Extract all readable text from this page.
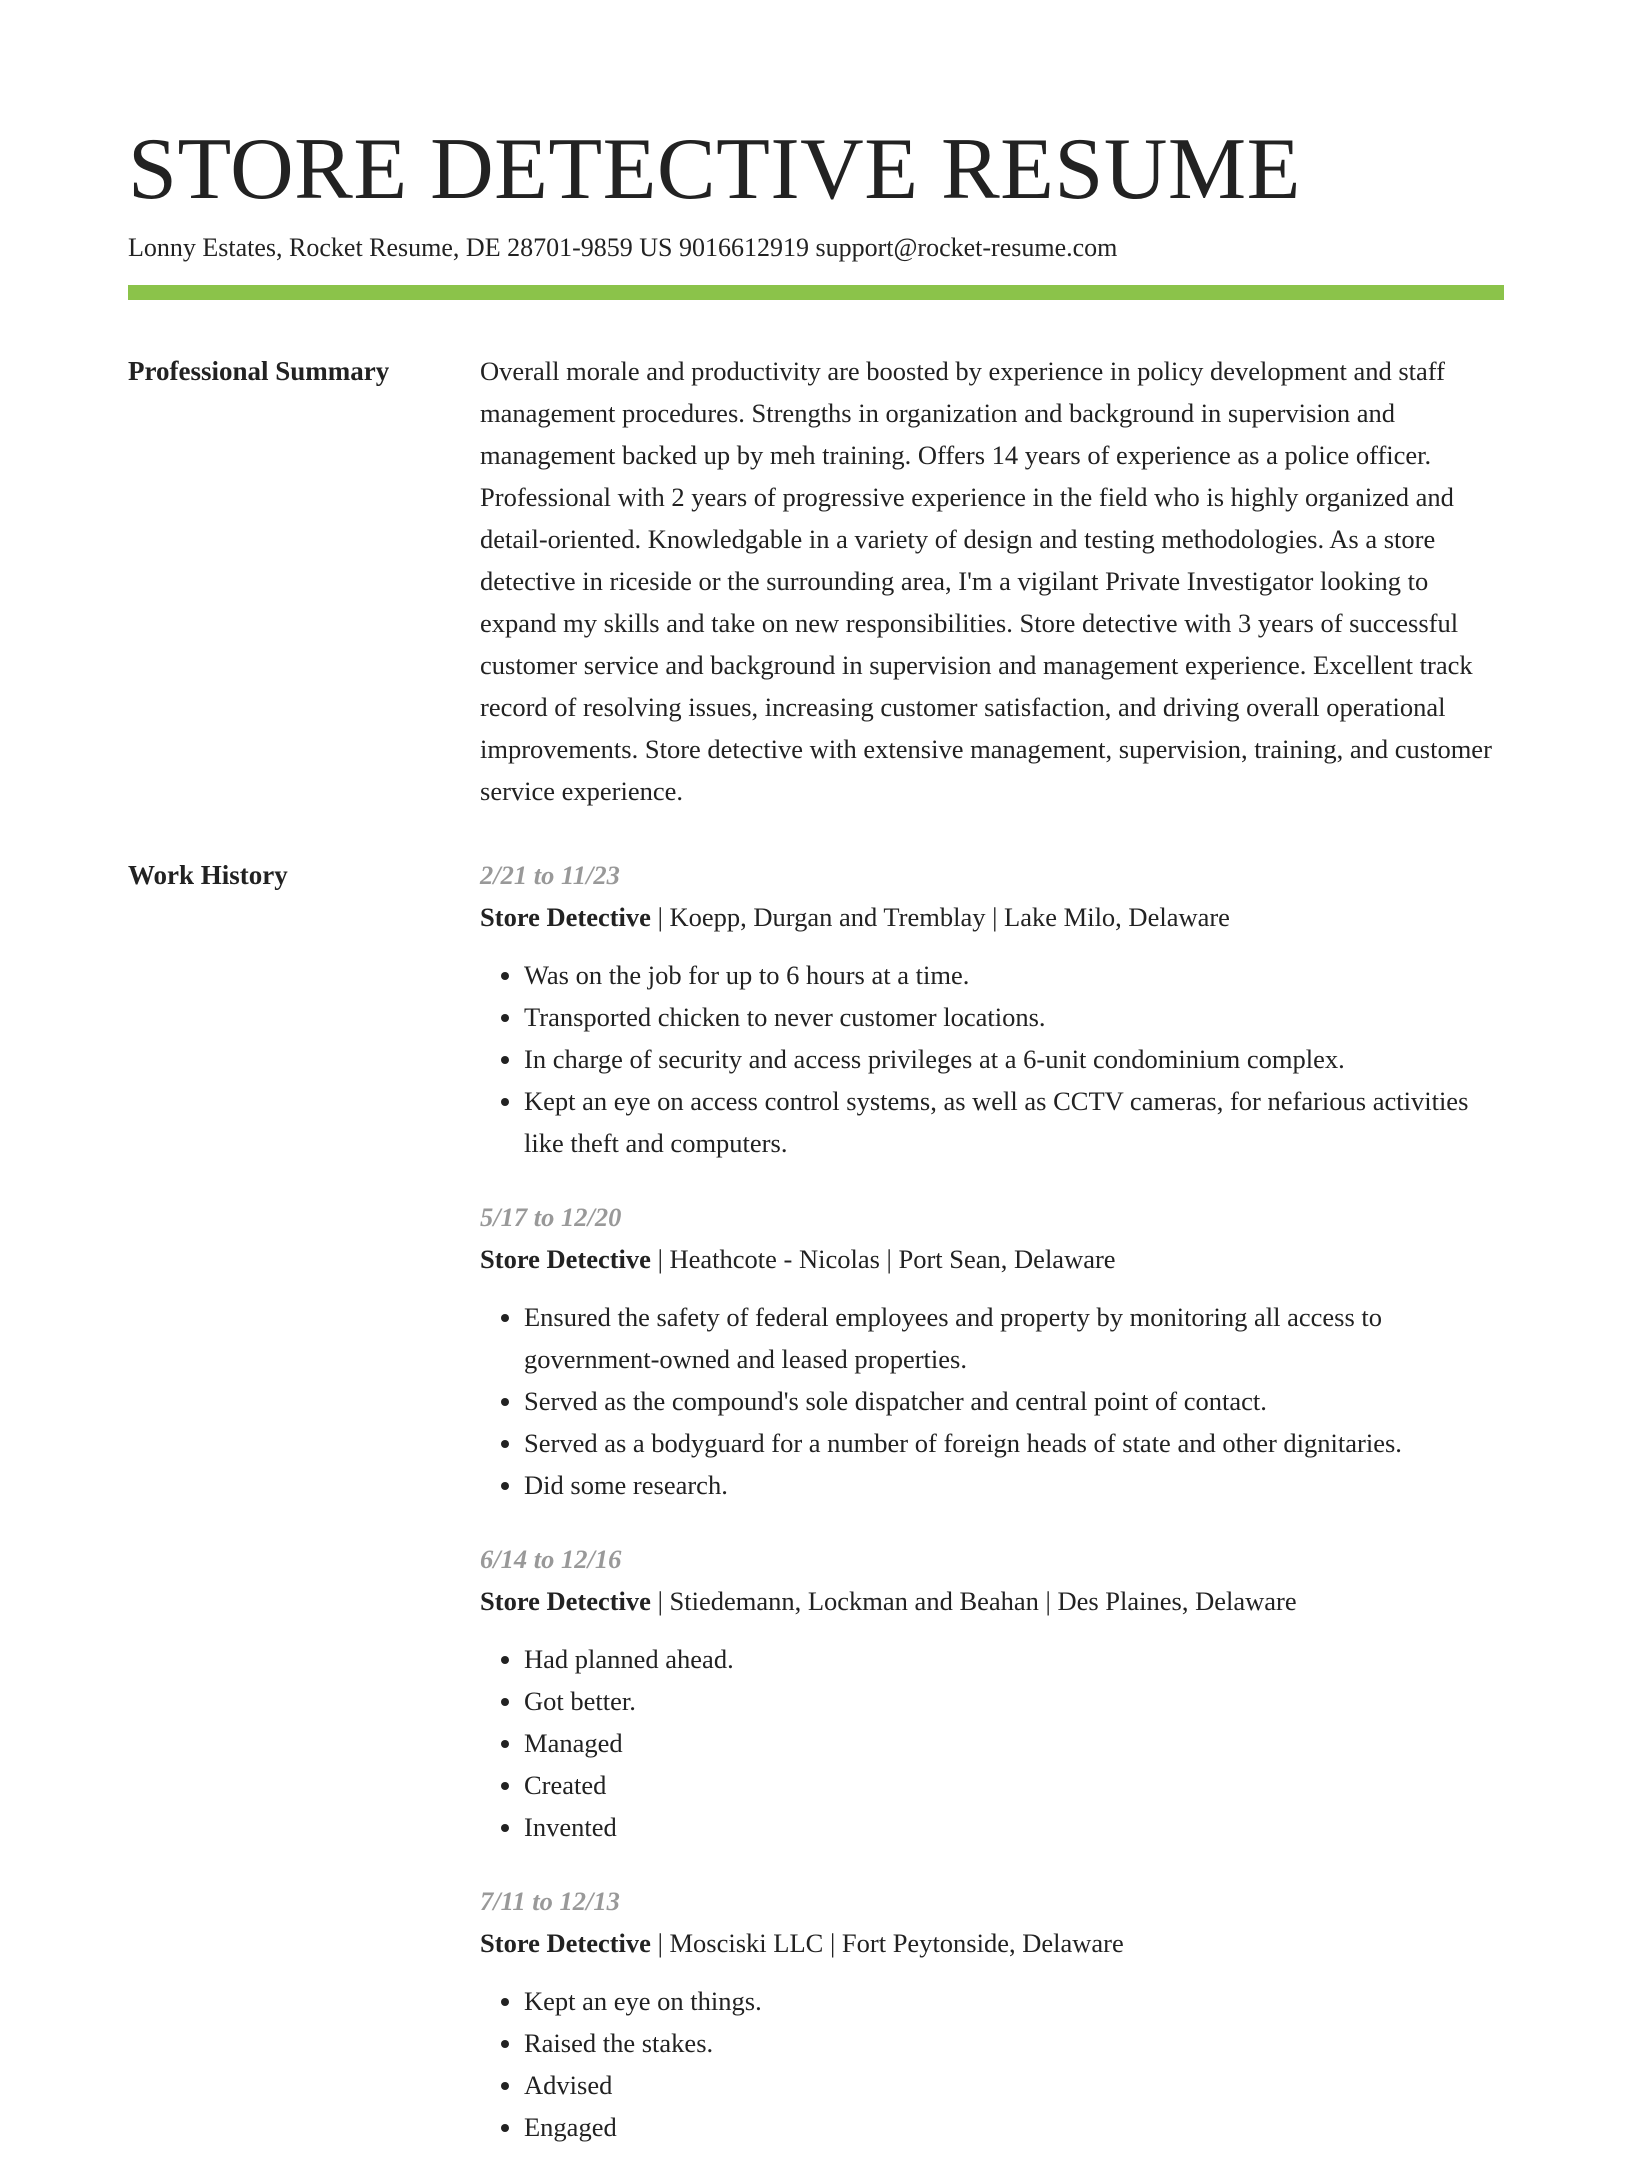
STORE DETECTIVE RESUME
Lonny Estates, Rocket Resume, DE 28701-9859 US 9016612919 support@rocket-resume.com
Professional Summary	Overall morale and productivity are boosted by experience in policy development and staff management procedures. Strengths in organization and background in supervision and management backed up by meh training. Offers 14 years of experience as a police officer. Professional with 2 years of progressive experience in the field who is highly organized and detail-oriented. Knowledgable in a variety of design and testing methodologies. As a store detective in riceside or the surrounding area, I'm a vigilant Private Investigator looking to expand my skills and take on new responsibilities. Store detective with 3 years of successful customer service and background in supervision and management experience. Excellent track record of resolving issues, increasing customer satisfaction, and driving overall operational improvements. Store detective with extensive management, supervision, training, and customer service experience.

Work History	2/21 to 11/23
Store Detective | Koepp, Durgan and Tremblay | Lake Milo, Delaware
• Was on the job for up to 6 hours at a time.
• Transported chicken to never customer locations.
• In charge of security and access privileges at a 6-unit condominium complex.
• Kept an eye on access control systems, as well as CCTV cameras, for nefarious activities like theft and computers.
5/17 to 12/20
Store Detective | Heathcote - Nicolas | Port Sean, Delaware
• Ensured the safety of federal employees and property by monitoring all access to government-owned and leased properties.
• Served as the compound's sole dispatcher and central point of contact.
• Served as a bodyguard for a number of foreign heads of state and other dignitaries.
• Did some research.
6/14 to 12/16
Store Detective | Stiedemann, Lockman and Beahan | Des Plaines, Delaware
• Had planned ahead.
• Got better.
• Managed
• Created
• Invented
7/11 to 12/13
Store Detective | Mosciski LLC | Fort Peytonside, Delaware
• Kept an eye on things.
• Raised the stakes.
• Advised
• Engaged
